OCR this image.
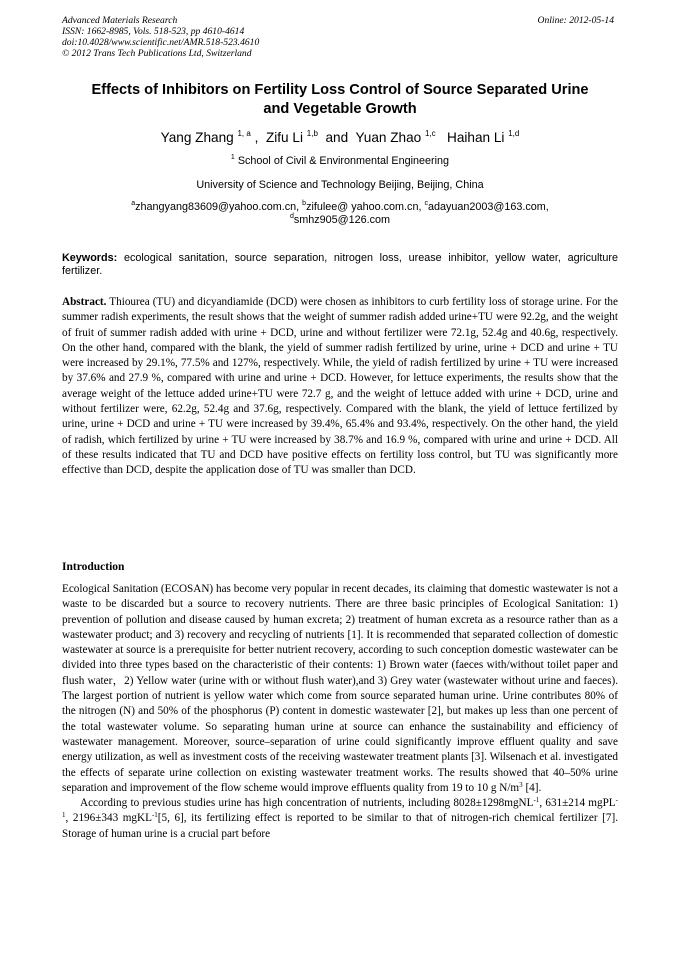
Advanced Materials Research	Online: 2012-05-14
ISSN: 1662-8985, Vols. 518-523, pp 4610-4614
doi:10.4028/www.scientific.net/AMR.518-523.4610
© 2012 Trans Tech Publications Ltd, Switzerland
Effects of Inhibitors on Fertility Loss Control of Source Separated Urine
and Vegetable Growth
Yang Zhang $^{1, a}$ ,  Zifu Li $^{1,b}$  and  Yuan Zhao $^{1,c}$ Haihan Li $^{1,d}$
$^1$ School of Civil & Environmental Engineering
University of Science and Technology Beijing, Beijing, China
$^a$zhangyang83609@yahoo.com.cn, $^b$zifulee@ yahoo.com.cn, $^c$adayuan2003@163.com,
$^d$smhz905@126.com
Keywords: ecological sanitation, source separation, nitrogen loss, urease inhibitor, yellow water, agriculture fertilizer.
Abstract. Thiourea (TU) and dicyandiamide (DCD) were chosen as inhibitors to curb fertility loss of storage urine. For the summer radish experiments, the result shows that the weight of summer radish added urine+TU were 92.2g, and the weight of fruit of summer radish added with urine + DCD, urine and without fertilizer were 72.1g, 52.4g and 40.6g, respectively. On the other hand, compared with the blank, the yield of summer radish fertilized by urine, urine + DCD and urine + TU were increased by 29.1%, 77.5% and 127%, respectively. While, the yield of radish fertilized by urine + TU were increased by 37.6% and 27.9 %, compared with urine and urine + DCD. However, for lettuce experiments, the results show that the average weight of the lettuce added urine+TU were 72.7 g, and the weight of lettuce added with urine + DCD, urine and without fertilizer were, 62.2g, 52.4g and 37.6g, respectively. Compared with the blank, the yield of lettuce fertilized by urine, urine + DCD and urine + TU were increased by 39.4%, 65.4% and 93.4%, respectively. On the other hand, the yield of radish, which fertilized by urine + TU were increased by 38.7% and 16.9 %, compared with urine and urine + DCD. All of these results indicated that TU and DCD have positive effects on fertility loss control, but TU was significantly more effective than DCD, despite the application dose of TU was smaller than DCD.
Introduction

Ecological Sanitation (ECOSAN) has become very popular in recent decades, its claiming that domestic wastewater is not a waste to be discarded but a source to recovery nutrients. There are three basic principles of Ecological Sanitation: 1) prevention of pollution and disease caused by human excreta; 2) treatment of human excreta as a resource rather than as a wastewater product; and 3) recovery and recycling of nutrients [1]. It is recommended that separated collection of domestic wastewater at source is a prerequisite for better nutrient recovery, according to such conception domestic wastewater can be divided into three types based on the characteristic of their contents: 1) Brown water (faeces with/without toilet paper and flush water，2) Yellow water (urine with or without flush water),and 3) Grey water (wastewater without urine and faeces). The largest portion of nutrient is yellow water which come from source separated human urine. Urine contributes 80% of the nitrogen (N) and 50% of the phosphorus (P) content in domestic wastewater [2], but makes up less than one percent of the total wastewater volume. So separating human urine at source can enhance the sustainability and efficiency of wastewater management. Moreover, source–separation of urine could significantly improve effluent quality and save energy utilization, as well as investment costs of the receiving wastewater treatment plants [3]. Wilsenach et al. investigated the effects of separate urine collection on existing wastewater treatment works. The results showed that 40–50% urine separation and improvement of the flow scheme would improve effluents quality from 19 to 10 g $N/m^3$ [4].

According to previous studies urine has high concentration of nutrients, including 8028±1298mgNL$^{-1}$, 631±214 mgPL$^{-1}$, 2196±343 mgKL$^{-1}$[5, 6], its fertilizing effect is reported to be similar to that of nitrogen-rich chemical fertilizer [7]. Storage of human urine is a crucial part before
